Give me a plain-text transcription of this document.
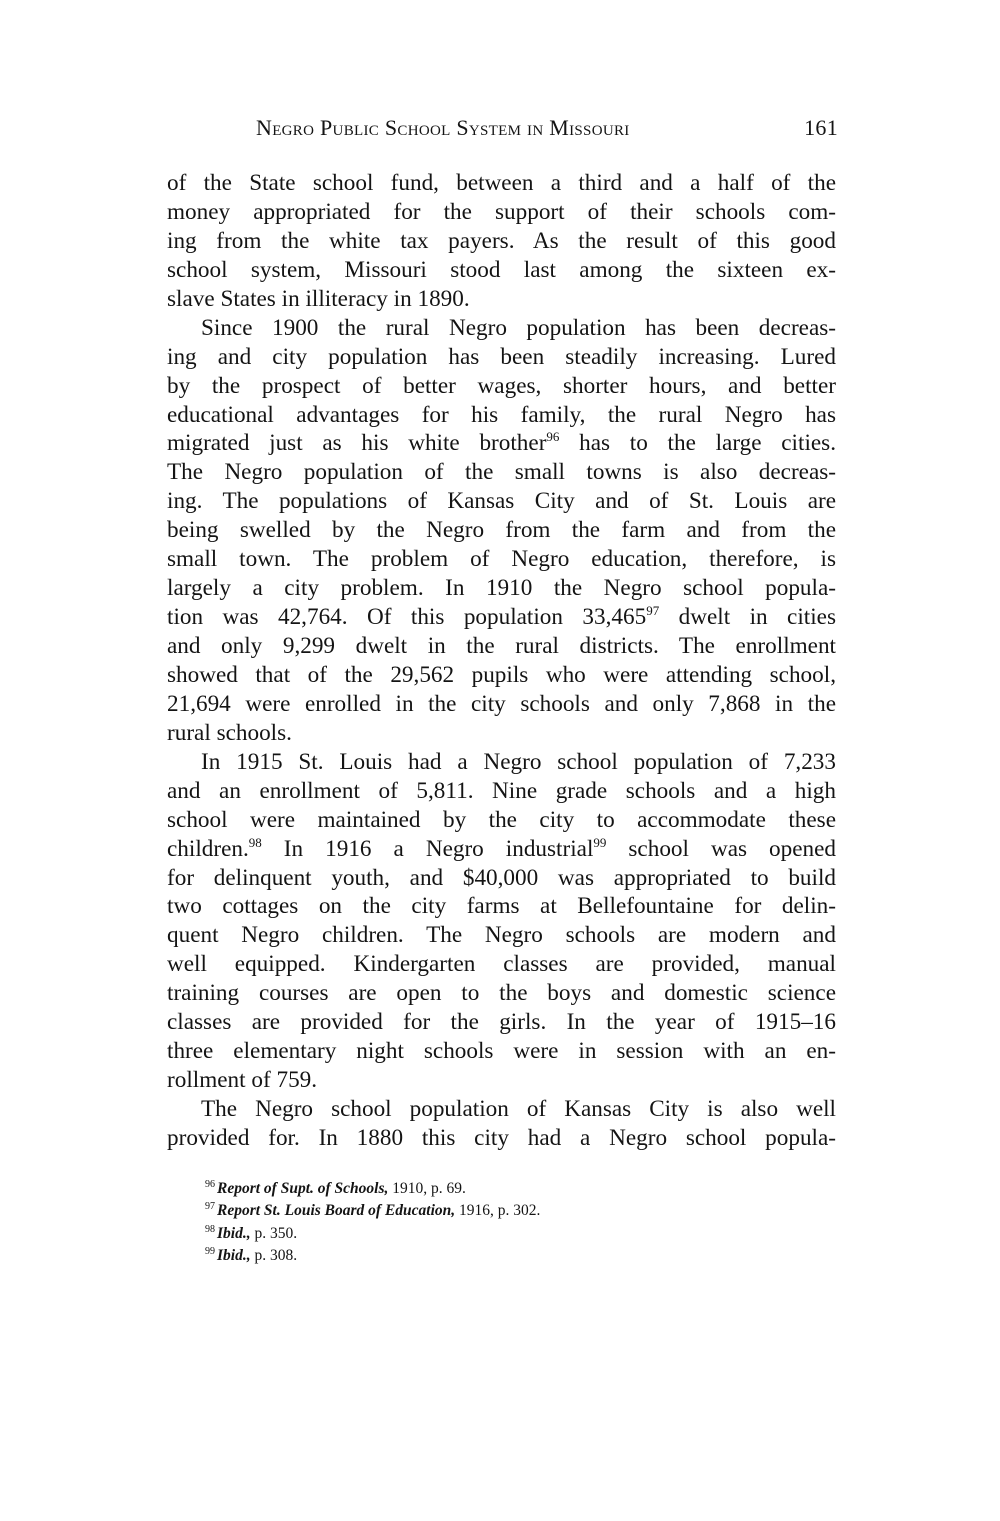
Negro Public School System in Missouri	161
of the State school fund, between a third and a half of the
money appropriated for the support of their schools com-
ing from the white tax payers. As the result of this good
school system, Missouri stood last among the sixteen ex-
slave States in illiteracy in 1890.
Since 1900 the rural Negro population has been decreas-
ing and city population has been steadily increasing. Lured
by the prospect of better wages, shorter hours, and better
educational advantages for his family, the rural Negro has
migrated just as his white brother$^{96}$ has to the large cities.
The Negro population of the small towns is also decreas-
ing. The populations of Kansas City and of St. Louis are
being swelled by the Negro from the farm and from the
small town. The problem of Negro education, therefore, is
largely a city problem. In 1910 the Negro school popula-
tion was 42,764. Of this population 33,465$^{97}$ dwelt in cities
and only 9,299 dwelt in the rural districts. The enrollment
showed that of the 29,562 pupils who were attending school,
21,694 were enrolled in the city schools and only 7,868 in the
rural schools.
In 1915 St. Louis had a Negro school population of 7,233
and an enrollment of 5,811. Nine grade schools and a high
school were maintained by the city to accommodate these
children.$^{98}$ In 1916 a Negro industrial$^{99}$ school was opened
for delinquent youth, and $40,000 was appropriated to build
two cottages on the city farms at Bellefountaine for delin-
quent Negro children. The Negro schools are modern and
well equipped. Kindergarten classes are provided, manual
training courses are open to the boys and domestic science
classes are provided for the girls. In the year of 1915–16
three elementary night schools were in session with an en-
rollment of 759.
The Negro school population of Kansas City is also well
provided for. In 1880 this city had a Negro school popula-
$^{96}$ Report of Supt. of Schools, 1910, p. 69.
$^{97}$ Report St. Louis Board of Education, 1916, p. 302.
$^{98}$ Ibid., p. 350.
$^{99}$ Ibid., p. 308.
